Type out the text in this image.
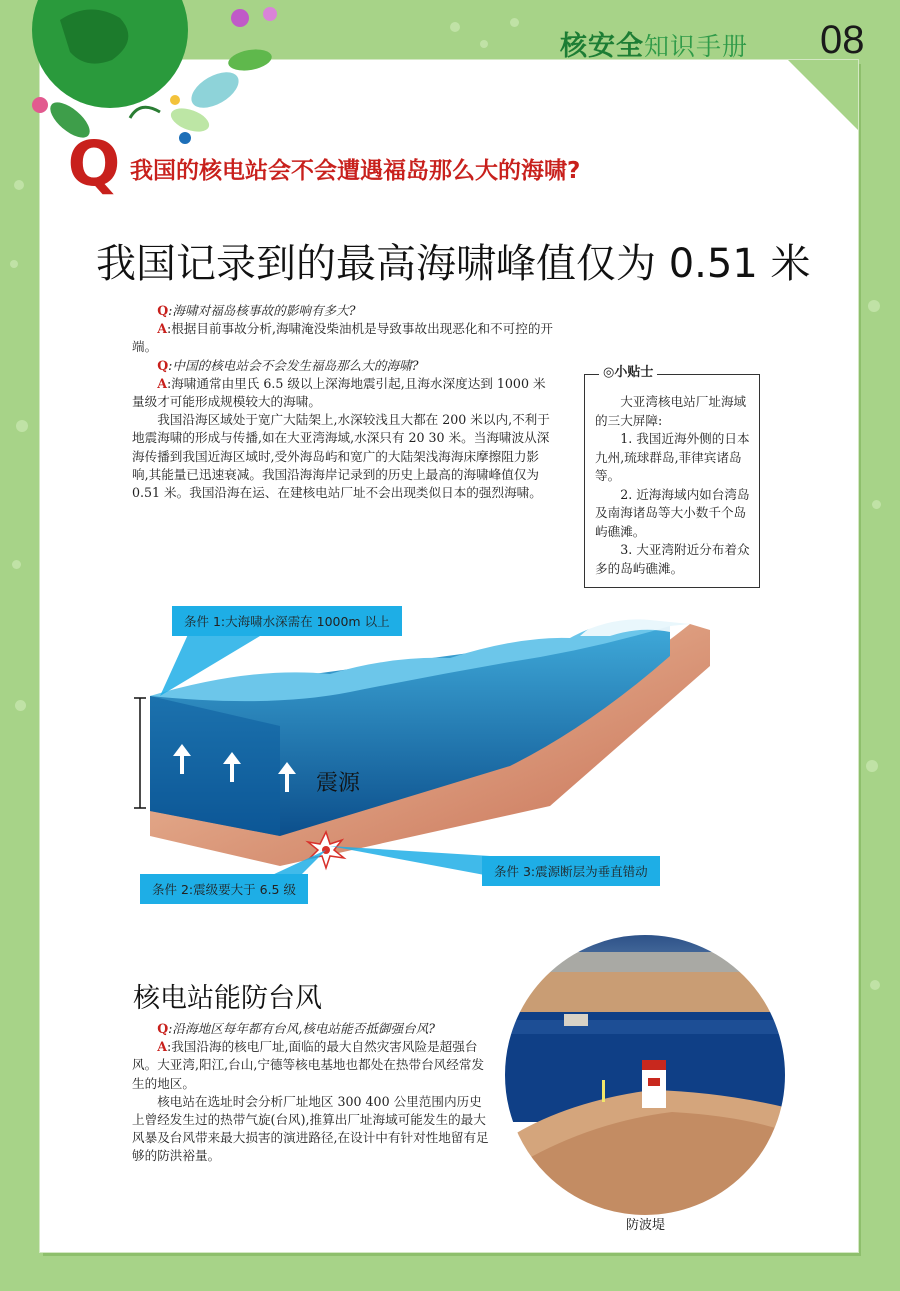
核安全知识手册	08
Q 我国的核电站会不会遭遇福岛那么大的海啸?
我国记录到的最高海啸峰值仅为 0.51 米

Q:海啸对福岛核事故的影响有多大?

A:根据目前事故分析,海啸淹没柴油机是导致事故出现恶化和不可控的开端。

Q:中国的核电站会不会发生福岛那么大的海啸?

A:海啸通常由里氏 6.5 级以上深海地震引起,且海水深度达到 1000 米量级才可能形成规模较大的海啸。

我国沿海区域处于宽广大陆架上,水深较浅且大都在 200 米以内,不利于地震海啸的形成与传播,如在大亚湾海域,水深只有 20 30 米。当海啸波从深海传播到我国近海区域时,受外海岛屿和宽广的大陆架浅海海床摩擦阻力影响,其能量已迅速衰减。我国沿海海岸记录到的历史上最高的海啸峰值仅为 0.51 米。我国沿海在运、在建核电站厂址不会出现类似日本的强烈海啸。

◎小贴士

大亚湾核电站厂址海域的三大屏障:

1. 我国近海外侧的日本九州,琉球群岛,菲律宾诸岛等。

2. 近海海域内如台湾岛及南海诸岛等大小数千个岛屿礁滩。

3. 大亚湾附近分布着众多的岛屿礁滩。

条件 1:大海啸水深需在 1000m 以上
条件 2:震级要大于 6.5 级
条件 3:震源断层为垂直错动
震源
核电站能防台风

Q:沿海地区每年都有台风,核电站能否抵御强台风?

A:我国沿海的核电厂址,面临的最大自然灾害风险是超强台风。大亚湾,阳江,台山,宁德等核电基地也都处在热带台风经常发生的地区。

核电站在选址时会分析厂址地区 300 400 公里范围内历史上曾经发生过的热带气旋(台风),推算出厂址海域可能发生的最大风暴及台风带来最大损害的演进路径,在设计中有针对性地留有足够的防洪裕量。

防波堤
